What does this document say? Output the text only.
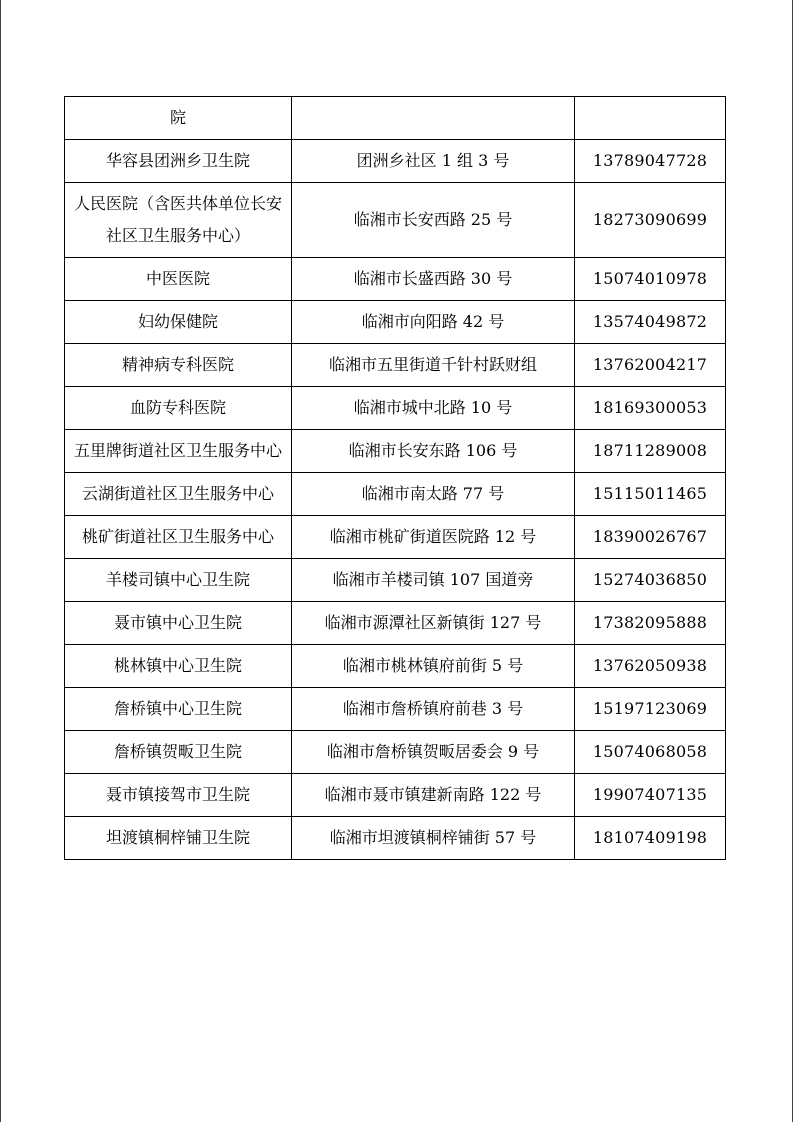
院		
华容县团洲乡卫生院	团洲乡社区 1 组 3 号	13789047728
人民医院（含医共体单位长安社区卫生服务中心）	临湘市长安西路 25 号	18273090699
中医医院	临湘市长盛西路 30 号	15074010978
妇幼保健院	临湘市向阳路 42 号	13574049872
精神病专科医院	临湘市五里街道千针村跃财组	13762004217
血防专科医院	临湘市城中北路 10 号	18169300053
五里牌街道社区卫生服务中心	临湘市长安东路 106 号	18711289008
云湖街道社区卫生服务中心	临湘市南太路 77 号	15115011465
桃矿街道社区卫生服务中心	临湘市桃矿街道医院路 12 号	18390026767
羊楼司镇中心卫生院	临湘市羊楼司镇 107 国道旁	15274036850
聂市镇中心卫生院	临湘市源潭社区新镇街 127 号	17382095888
桃林镇中心卫生院	临湘市桃林镇府前街 5 号	13762050938
詹桥镇中心卫生院	临湘市詹桥镇府前巷 3 号	15197123069
詹桥镇贺畈卫生院	临湘市詹桥镇贺畈居委会 9 号	15074068058
聂市镇接驾市卫生院	临湘市聂市镇建新南路 122 号	19907407135
坦渡镇桐梓铺卫生院	临湘市坦渡镇桐梓铺街 57 号	18107409198
